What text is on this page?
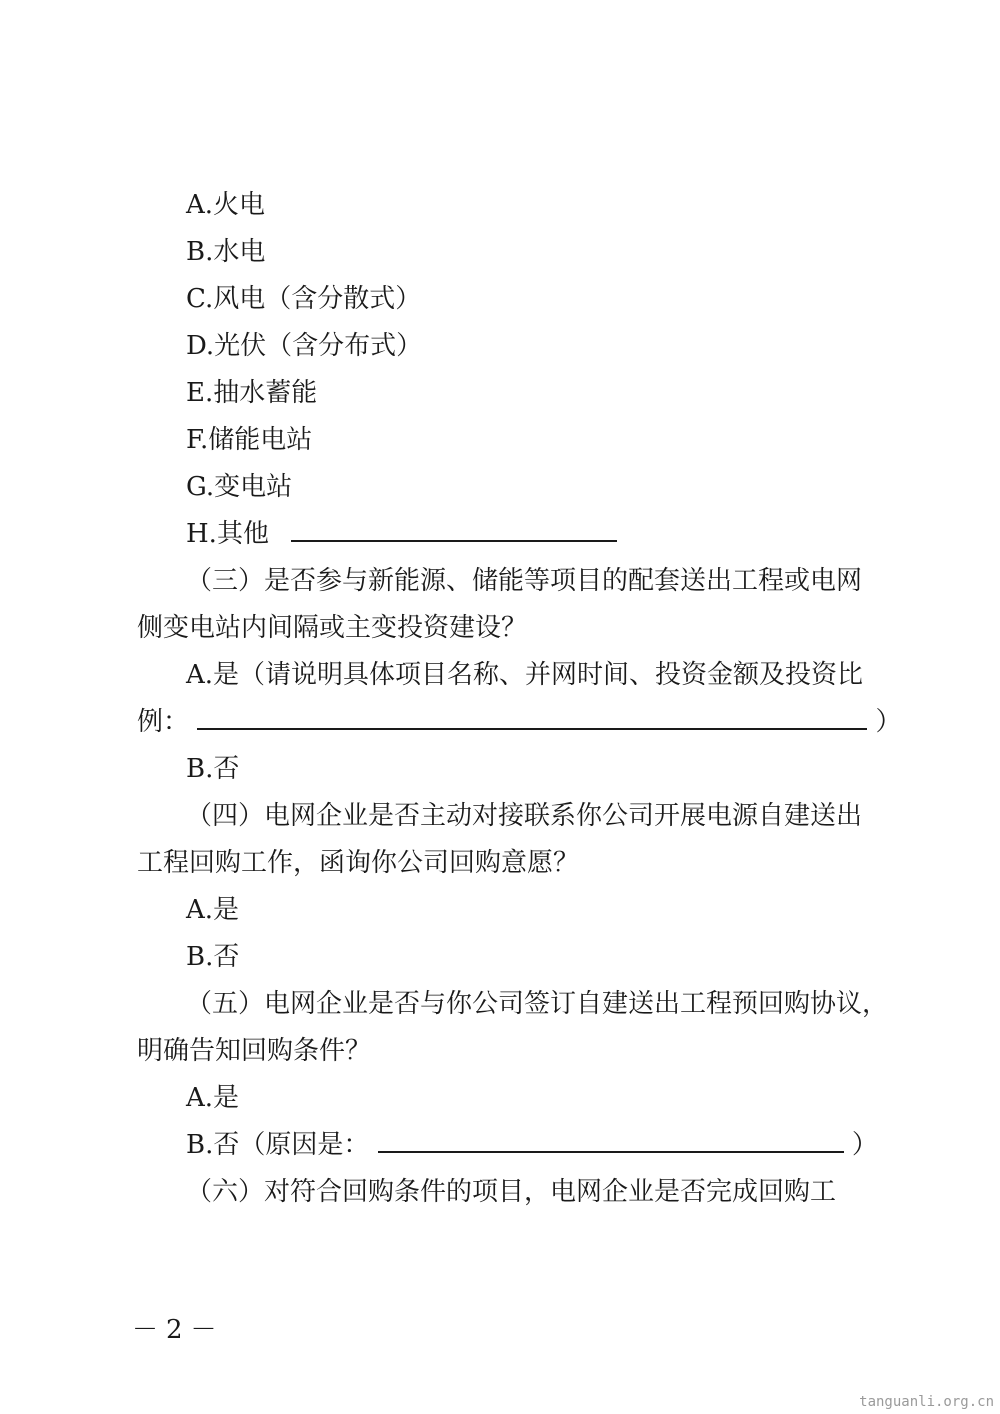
A.火电
B.水电
C.风电（含分散式）
D.光伏（含分布式）
E.抽水蓄能
F.储能电站
G.变电站
H.其他
（三）是否参与新能源、储能等项目的配套送出工程或电网
侧变电站内间隔或主变投资建设？
A.是（请说明具体项目名称、并网时间、投资金额及投资比
例：	）
B.否
（四）电网企业是否主动对接联系你公司开展电源自建送出
工程回购工作，函询你公司回购意愿？
A.是
B.否
（五）电网企业是否与你公司签订自建送出工程预回购协议，
明确告知回购条件？
A.是
B.否（原因是：	）
（六）对符合回购条件的项目，电网企业是否完成回购工
－2－
tanguanli.org.cn
